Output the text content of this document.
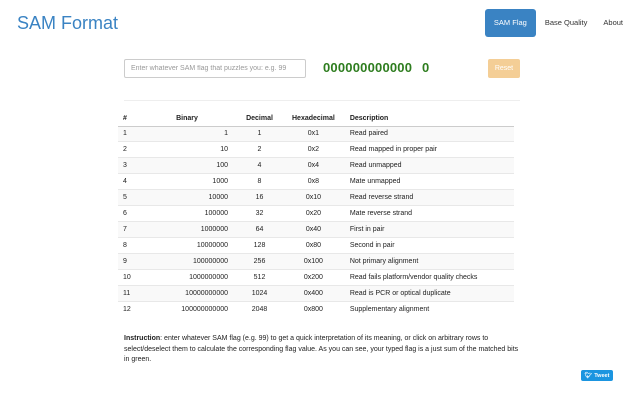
SAM Format	SAM Flag	Base Quality	About
Enter whatever SAM flag that puzzles you: e.g. 99
000000000000 0	Reset
#	Binary	Decimal	Hexadecimal	Description
1	1	1	0x1	Read paired
2	10	2	0x2	Read mapped in proper pair
3	100	4	0x4	Read unmapped
4	1000	8	0x8	Mate unmapped
5	10000	16	0x10	Read reverse strand
6	100000	32	0x20	Mate reverse strand
7	1000000	64	0x40	First in pair
8	10000000	128	0x80	Second in pair
9	100000000	256	0x100	Not primary alignment
10	1000000000	512	0x200	Read fails platform/vendor quality checks
11	10000000000	1024	0x400	Read is PCR or optical duplicate
12	100000000000	2048	0x800	Supplementary alignment
Instruction: enter whatever SAM flag (e.g. 99) to get a quick interpretation of its meaning, or click on arbitrary rows to select/deselect them to calculate the corresponding flag value. As you can see, your typed flag is a just sum of the matched bits in green.
🐦︎ Tweet
